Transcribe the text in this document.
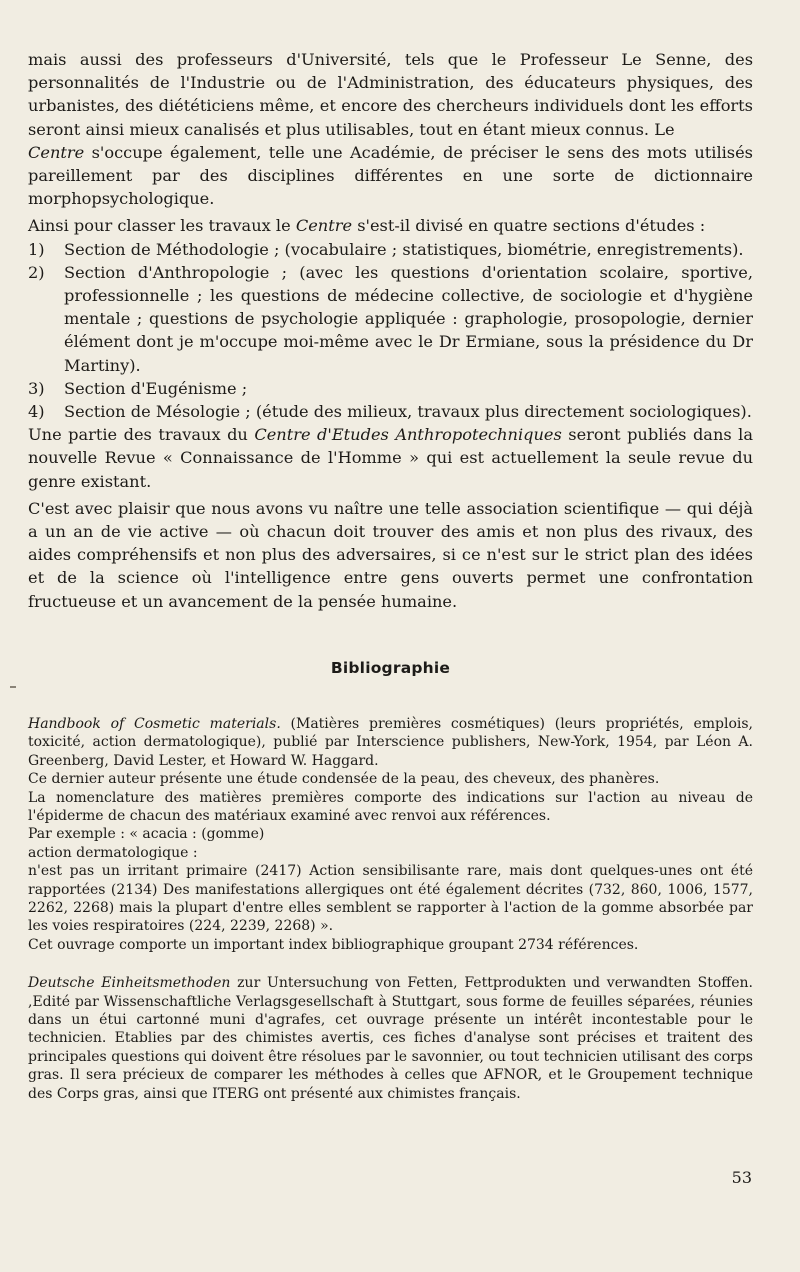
mais aussi des professeurs d'Université, tels que le Professeur Le Senne, des personnalités de l'Industrie ou de l'Administration, des éducateurs physiques, des urbanistes, des diététiciens même, et encore des chercheurs individuels dont les efforts seront ainsi mieux canalisés et plus utilisables, tout en étant mieux connus. Le
Centre s'occupe également, telle une Académie, de préciser le sens des mots utilisés pareillement par des disciplines différentes en une sorte de dictionnaire morphopsychologique.

Ainsi pour classer les travaux le Centre s'est-il divisé en quatre sections d'études :

1)	Section de Méthodologie ; (vocabulaire ; statistiques, biométrie, enregistrements).
2)	Section d'Anthropologie ; (avec les questions d'orientation scolaire, sportive, professionnelle ; les questions de médecine collective, de sociologie et d'hygiène mentale ; questions de psychologie appliquée : graphologie, prosopologie, dernier élément dont je m'occupe moi-même avec le Dr Ermiane, sous la présidence du Dr Martiny).
3)	Section d'Eugénisme ;
4)	Section de Mésologie ; (étude des milieux, travaux plus directement sociologiques).

Une partie des travaux du Centre d'Etudes Anthropotechniques seront publiés dans la nouvelle Revue « Connaissance de l'Homme » qui est actuellement la seule revue du genre existant.

C'est avec plaisir que nous avons vu naître une telle association scientifique — qui déjà a un an de vie active — où chacun doit trouver des amis et non plus des rivaux, des aides compréhensifs et non plus des adversaires, si ce n'est sur le strict plan des idées et de la science où l'intelligence entre gens ouverts permet une confrontation fructueuse et un avancement de la pensée humaine.

Bibliographie

Handbook of Cosmetic materials. (Matières premières cosmétiques) (leurs propriétés, emplois, toxicité, action dermatologique), publié par Interscience publishers, New-York, 1954, par Léon A. Greenberg, David Lester, et Howard W. Haggard.

Ce dernier auteur présente une étude condensée de la peau, des cheveux, des phanères.

La nomenclature des matières premières comporte des indications sur l'action au niveau de l'épiderme de chacun des matériaux examiné avec renvoi aux références.

Par exemple : « acacia : (gomme)

action dermatologique :

n'est pas un irritant primaire (2417) Action sensibilisante rare, mais dont quelques-unes ont été rapportées (2134) Des manifestations allergiques ont été également décrites (732, 860, 1006, 1577, 2262, 2268) mais la plupart d'entre elles semblent se rapporter à l'action de la gomme absorbée par les voies respiratoires (224, 2239, 2268) ».

Cet ouvrage comporte un important index bibliographique groupant 2734 références.

Deutsche Einheitsmethoden zur Untersuchung von Fetten, Fettprodukten und verwandten Stoffen. ,Edité par Wissenschaftliche Verlagsgesellschaft à Stuttgart, sous forme de feuilles séparées, réunies dans un étui cartonné muni d'agrafes, cet ouvrage présente un intérêt incontestable pour le technicien. Etablies par des chimistes avertis, ces fiches d'analyse sont précises et traitent des principales questions qui doivent être résolues par le savonnier, ou tout technicien utilisant des corps gras. Il sera précieux de comparer les méthodes à celles que AFNOR, et le Groupement technique des Corps gras, ainsi que ITERG ont présenté aux chimistes français.

53
